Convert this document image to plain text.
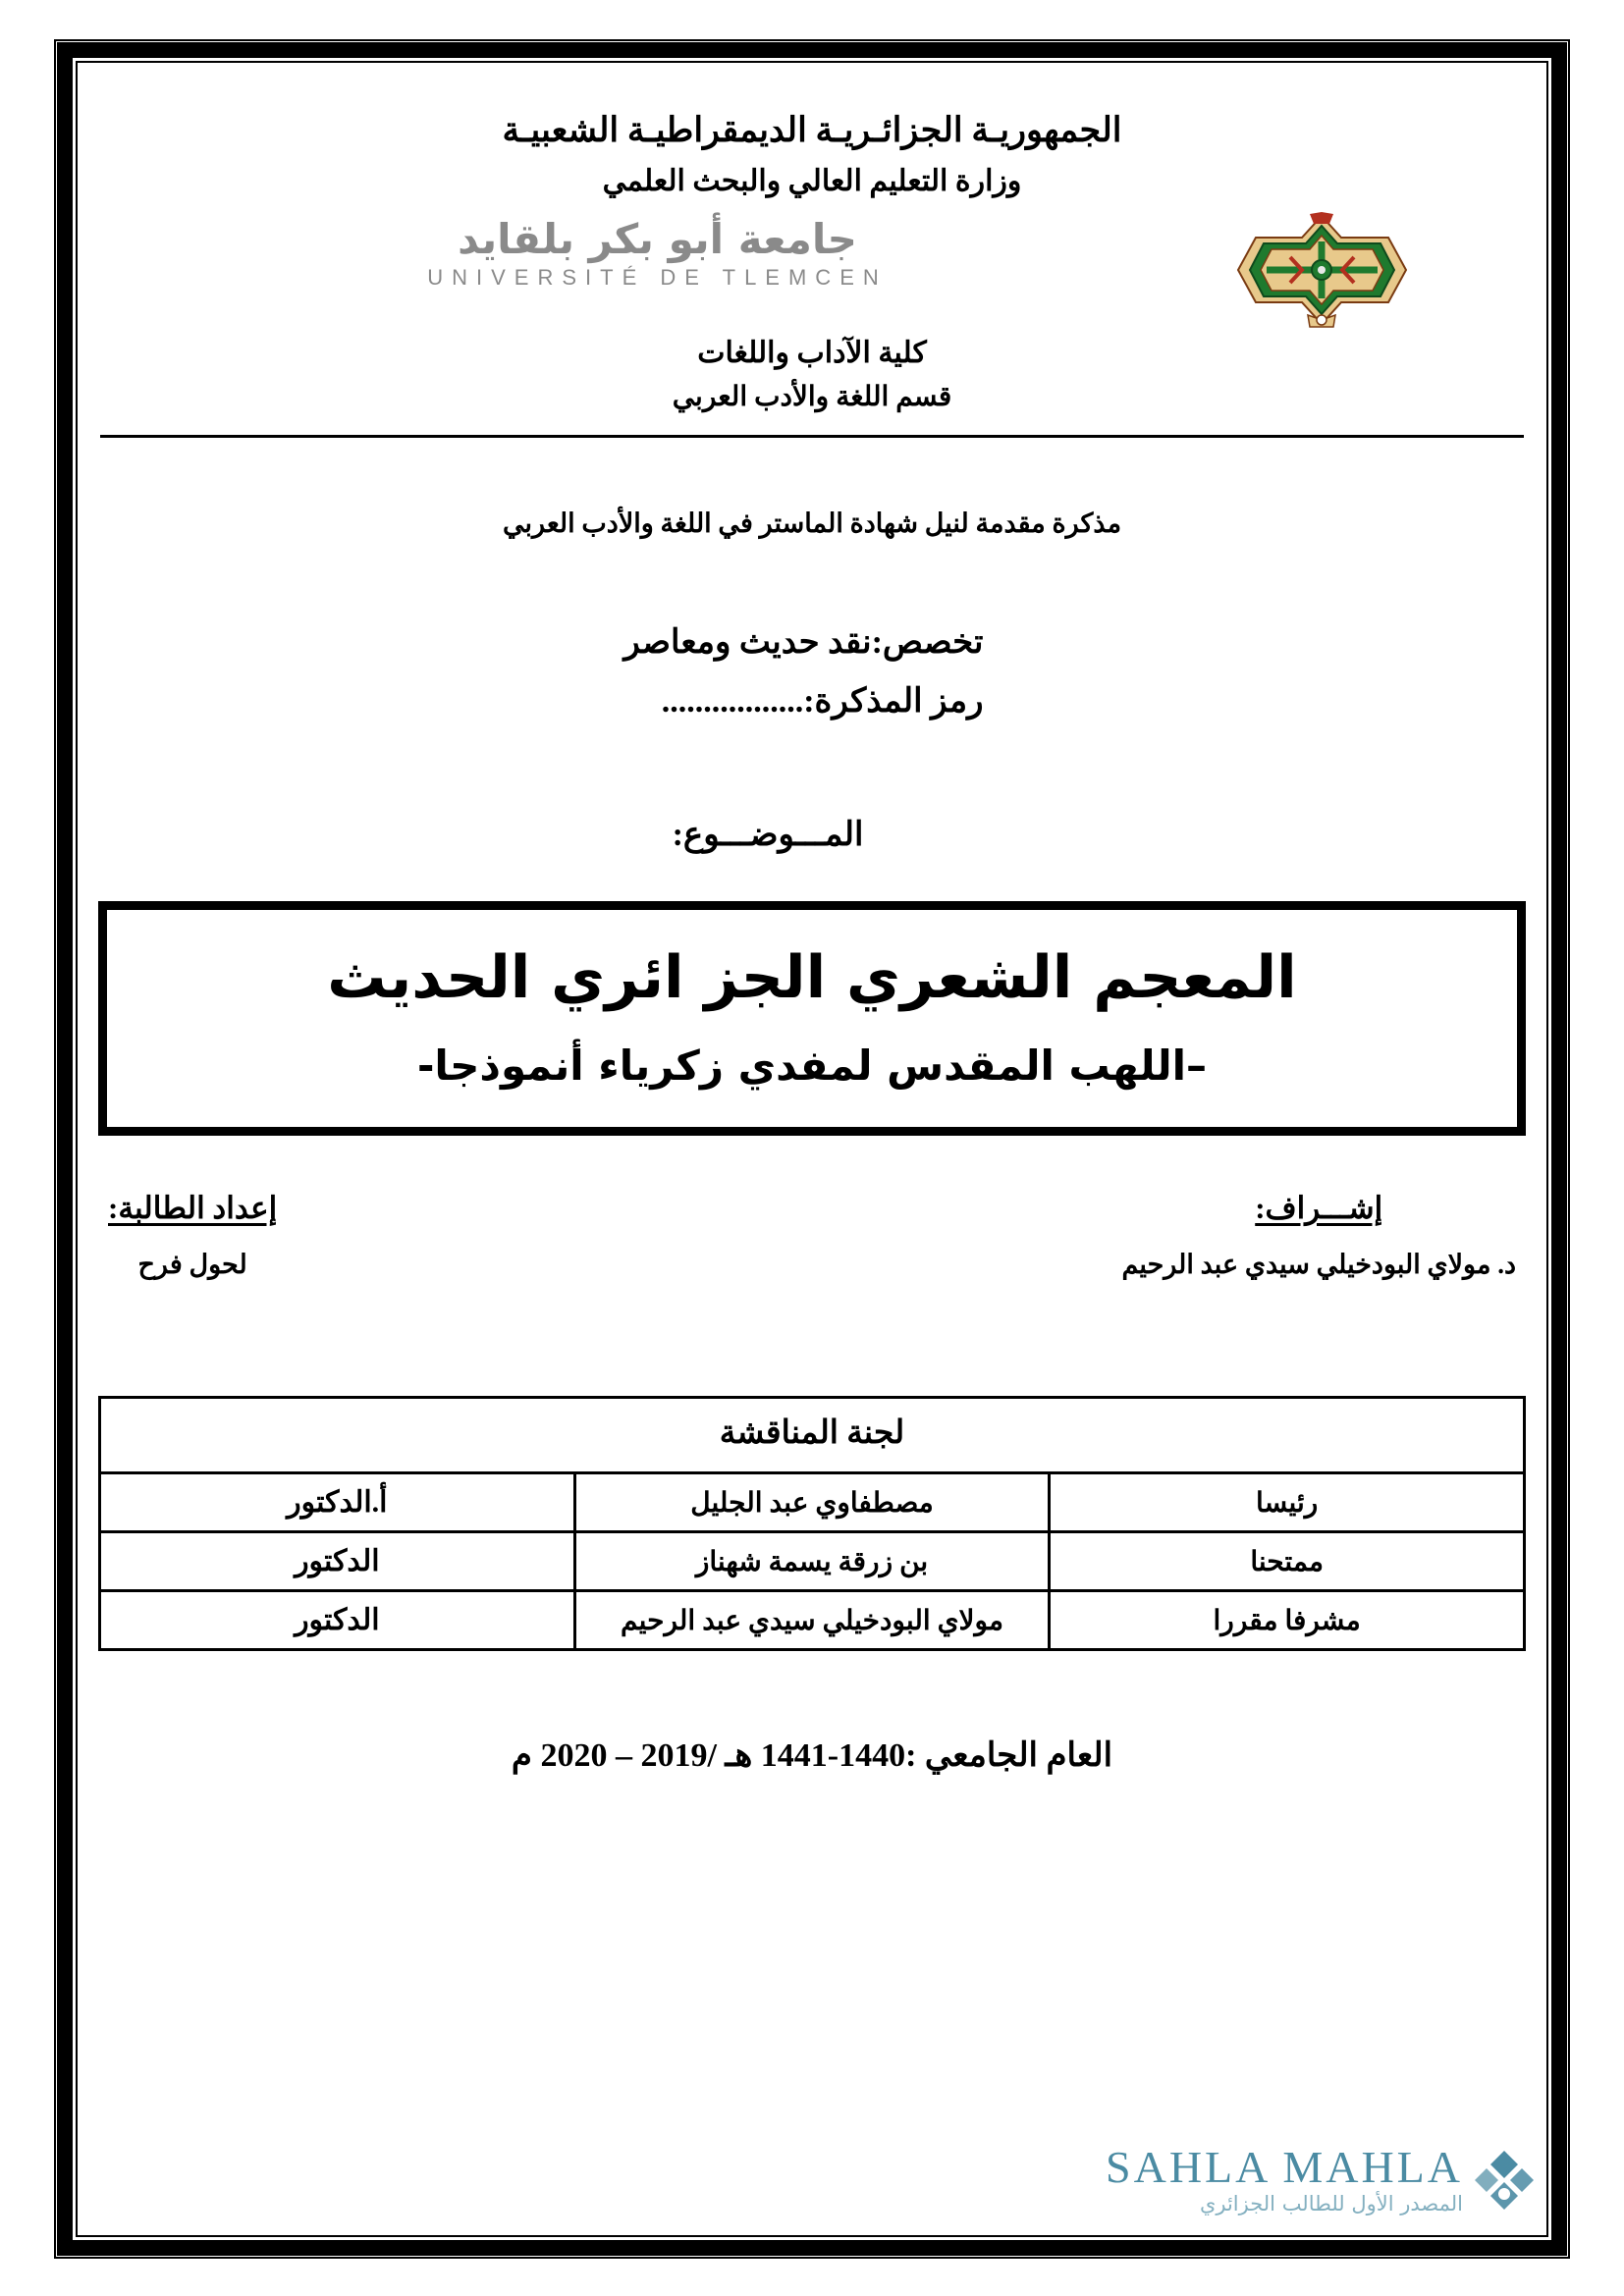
الجمهوريـة الجزائـريـة الديمقراطيـة الشعبيـة
وزارة التعليم العالي والبحث العلمي
جامعة أبو بكر بلقايد
UNIVERSITÉ DE TLEMCEN
كلية الآداب واللغات
قسم اللغة والأدب العربي
مذكرة مقدمة لنيل شهادة الماستر في اللغة والأدب العربي
تخصص:نقد حديث ومعاصر
رمز المذكرة:.................
المـــوضـــوع:
المعجم الشعري الجز ائري الحديث
–اللهب المقدس لمفدي زكرياء أنموذجا-
إشـــراف:
د. مولاي البودخيلي سيدي عبد الرحيم
إعداد الطالبة:
لحول فرح
لجنة المناقشة		
رئيسا	مصطفاوي عبد الجليل	أ.الدكتور
ممتحنا	بن زرقة يسمة شهناز	الدكتور
مشرفا مقررا	مولاي البودخيلي سيدي عبد الرحيم	الدكتور
العام الجامعي :1440-1441 هـ /2019 – 2020 م
SAHLA MAHLA
المصدر الأول للطالب الجزائري
